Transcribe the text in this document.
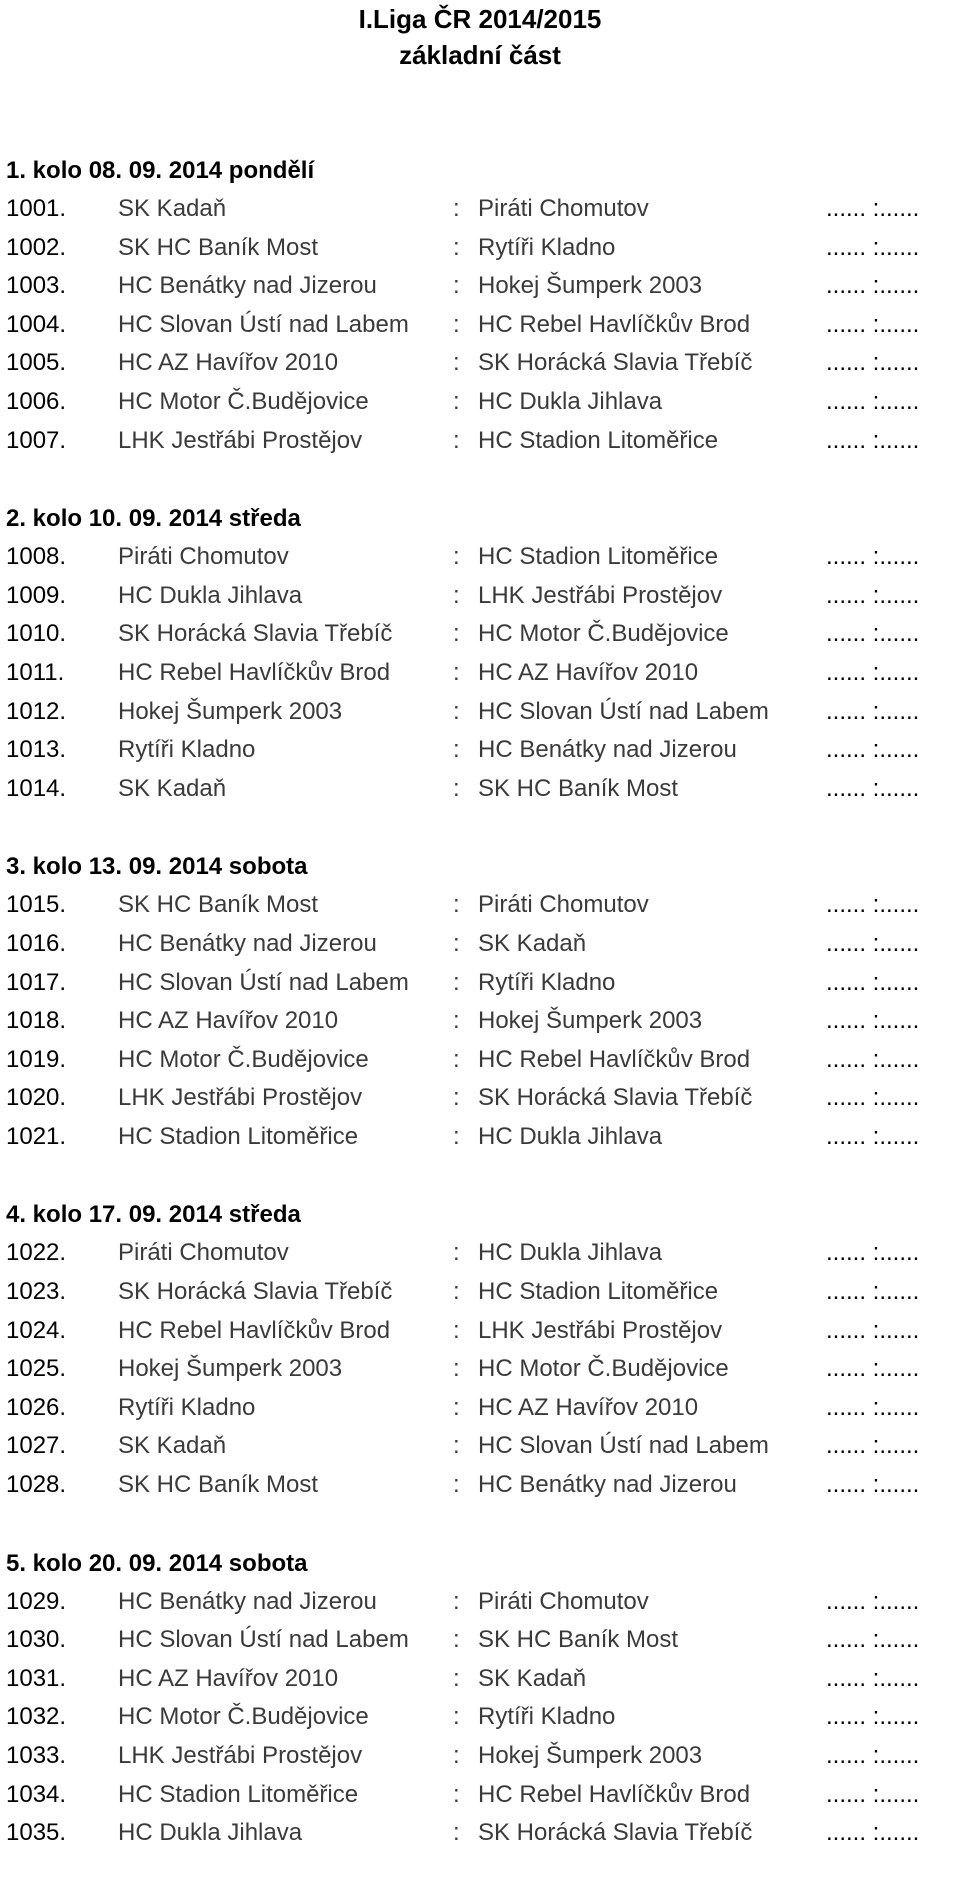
I.Liga ČR 2014/2015
základní část
1. kolo 08. 09. 2014 pondělí
1001. SK Kadaň	: Piráti Chomutov	...... :......
1002. SK HC Baník Most	: Rytíři Kladno	...... :......
1003. HC Benátky nad Jizerou	: Hokej Šumperk 2003	...... :......
1004. HC Slovan Ústí nad Labem : HC Rebel Havlíčkův Brod	...... :......
1005. HC AZ Havířov 2010	: SK Horácká Slavia Třebíč	...... :......
1006. HC Motor Č.Budějovice	: HC Dukla Jihlava	...... :......
1007. LHK Jestřábi Prostějov	: HC Stadion Litoměřice	...... :......
2. kolo 10. 09. 2014 středa
1008. Piráti Chomutov	: HC Stadion Litoměřice	...... :......
1009. HC Dukla Jihlava	: LHK Jestřábi Prostějov	...... :......
1010. SK Horácká Slavia Třebíč	: HC Motor Č.Budějovice	...... :......
1011. HC Rebel Havlíčkův Brod	: HC AZ Havířov 2010	...... :......
1012. Hokej Šumperk 2003	: HC Slovan Ústí nad Labem ...... :......
1013. Rytíři Kladno	: HC Benátky nad Jizerou	...... :......
1014. SK Kadaň	: SK HC Baník Most	...... :......
3. kolo 13. 09. 2014 sobota
1015. SK HC Baník Most	: Piráti Chomutov	...... :......
1016. HC Benátky nad Jizerou	: SK Kadaň	...... :......
1017. HC Slovan Ústí nad Labem : Rytíři Kladno	...... :......
1018. HC AZ Havířov 2010	: Hokej Šumperk 2003	...... :......
1019. HC Motor Č.Budějovice	: HC Rebel Havlíčkův Brod	...... :......
1020. LHK Jestřábi Prostějov	: SK Horácká Slavia Třebíč	...... :......
1021. HC Stadion Litoměřice	: HC Dukla Jihlava	...... :......
4. kolo 17. 09. 2014 středa
1022. Piráti Chomutov	: HC Dukla Jihlava	...... :......
1023. SK Horácká Slavia Třebíč	: HC Stadion Litoměřice	...... :......
1024. HC Rebel Havlíčkův Brod	: LHK Jestřábi Prostějov	...... :......
1025. Hokej Šumperk 2003	: HC Motor Č.Budějovice	...... :......
1026. Rytíři Kladno	: HC AZ Havířov 2010	...... :......
1027. SK Kadaň	: HC Slovan Ústí nad Labem ...... :......
1028. SK HC Baník Most	: HC Benátky nad Jizerou	...... :......
5. kolo 20. 09. 2014 sobota
1029. HC Benátky nad Jizerou	: Piráti Chomutov	...... :......
1030. HC Slovan Ústí nad Labem : SK HC Baník Most	...... :......
1031. HC AZ Havířov 2010	: SK Kadaň	...... :......
1032. HC Motor Č.Budějovice	: Rytíři Kladno	...... :......
1033. LHK Jestřábi Prostějov	: Hokej Šumperk 2003	...... :......
1034. HC Stadion Litoměřice	: HC Rebel Havlíčkův Brod	...... :......
1035. HC Dukla Jihlava	: SK Horácká Slavia Třebíč	...... :......
